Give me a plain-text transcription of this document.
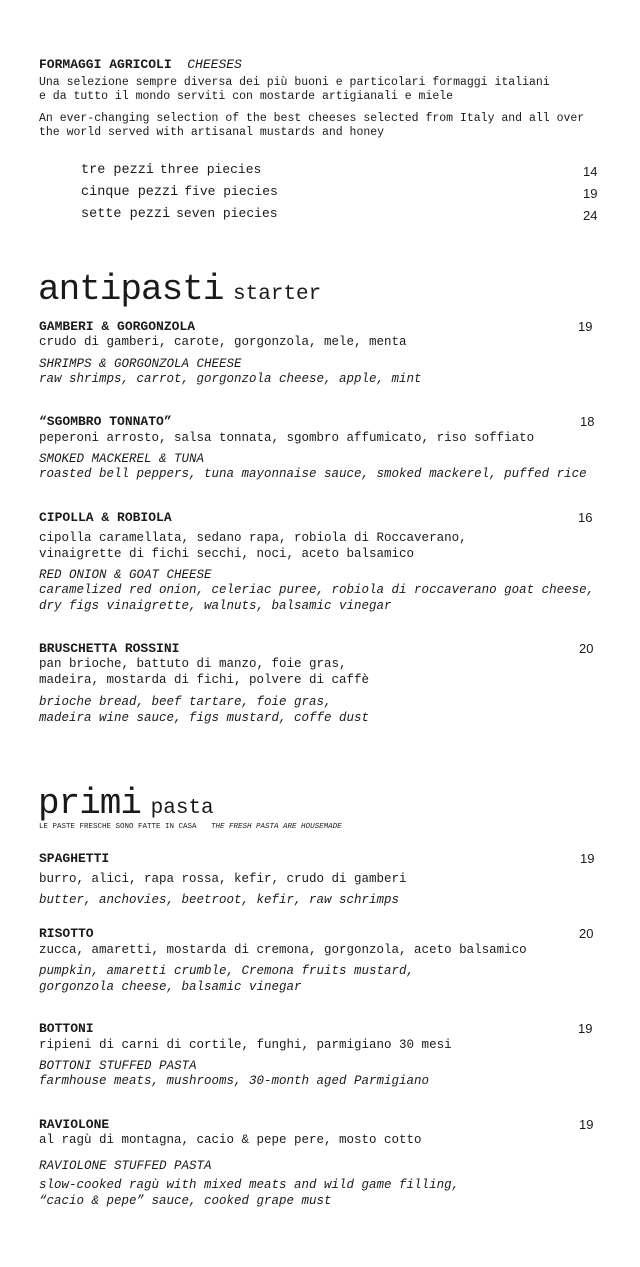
FORMAGGI AGRICOLI CHEESES
Una selezione sempre diversa dei più buoni e particolari formaggi italiani
e da tutto il mondo serviti con mostarde artigianali e miele
An ever-changing selection of the best cheeses selected from Italy and all over
the world served with artisanal mustards and honey
tre pezzi three piecies	14
cinque pezzi five piecies	19
sette pezzi seven piecies	24
antipasti starter
GAMBERI & GORGONZOLA	19
crudo di gamberi, carote, gorgonzola, mele, menta
SHRIMPS & GORGONZOLA CHEESE
raw shrimps, carrot, gorgonzola cheese, apple, mint
“SGOMBRO TONNATO”	18
peperoni arrosto, salsa tonnata, sgombro affumicato, riso soffiato
SMOKED MACKEREL & TUNA
roasted bell peppers, tuna mayonnaise sauce, smoked mackerel, puffed rice
CIPOLLA & ROBIOLA	16
cipolla caramellata, sedano rapa, robiola di Roccaverano,
vinaigrette di fichi secchi, noci, aceto balsamico
RED ONION & GOAT CHEESE
caramelized red onion, celeriac puree, robiola di roccaverano goat cheese,
dry figs vinaigrette, walnuts, balsamic vinegar
BRUSCHETTA ROSSINI	20
pan brioche, battuto di manzo, foie gras,
madeira, mostarda di fichi, polvere di caffè
brioche bread, beef tartare, foie gras,
madeira wine sauce, figs mustard, coffe dust
primi pasta
LE PASTE FRESCHE SONO FATTE IN CASA THE FRESH PASTA ARE HOUSEMADE
SPAGHETTI	19
burro, alici, rapa rossa, kefir, crudo di gamberi
butter, anchovies, beetroot, kefir, raw schrimps
RISOTTO	20
zucca, amaretti, mostarda di cremona, gorgonzola, aceto balsamico
pumpkin, amaretti crumble, Cremona fruits mustard,
gorgonzola cheese, balsamic vinegar
BOTTONI	19
ripieni di carni di cortile, funghi, parmigiano 30 mesi
BOTTONI STUFFED PASTA
farmhouse meats, mushrooms, 30-month aged Parmigiano
RAVIOLONE	19
al ragù di montagna, cacio & pepe pere, mosto cotto
RAVIOLONE STUFFED PASTA
slow-cooked ragù with mixed meats and wild game filling,
“cacio & pepe” sauce, cooked grape must
